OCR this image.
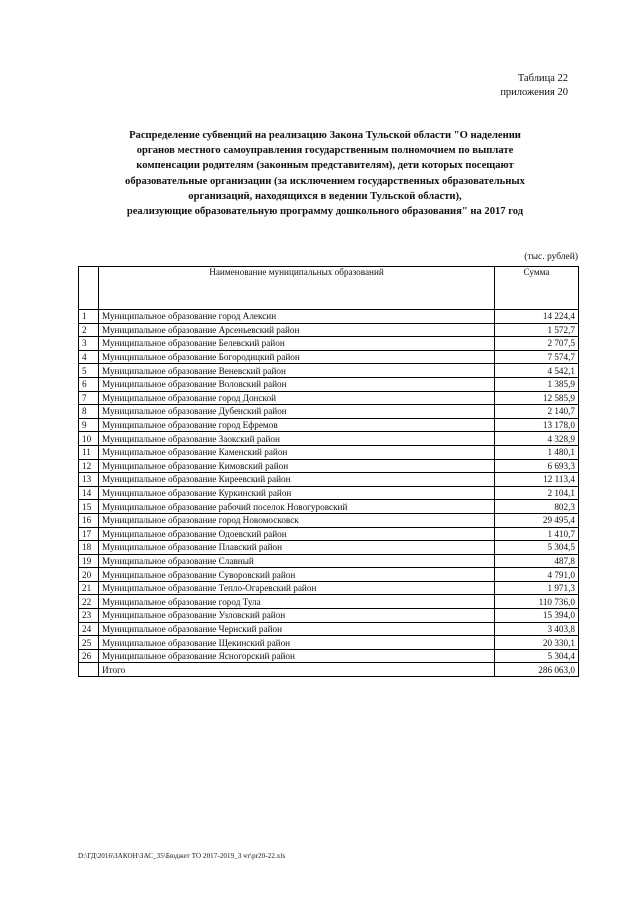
Таблица 22
приложения 20
Распределение субвенций на реализацию Закона Тульской области "О наделении
органов местного самоуправления государственным полномочием по выплате
компенсации родителям (законным представителям), дети которых посещают
образовательные организации (за исключением государственных образовательных
организаций, находящихся в ведении Тульской области),
реализующие образовательную программу дошкольного образования" на 2017 год
(тыс. рублей)
	Наименование муниципальных образований	Сумма
1	Муниципальное образование город Алексин	14 224,4
2	Муниципальное образование Арсеньевский район	1 572,7
3	Муниципальное образование Белевский район	2 707,5
4	Муниципальное образование Богородицкий район	7 574,7
5	Муниципальное образование Веневский район	4 542,1
6	Муниципальное образование Воловский район	1 385,9
7	Муниципальное образование город Донской	12 585,9
8	Муниципальное образование Дубенский район	2 140,7
9	Муниципальное образование город Ефремов	13 178,0
10	Муниципальное образование Заокский район	4 328,9
11	Муниципальное образование Каменский район	1 480,1
12	Муниципальное образование Кимовский район	6 693,3
13	Муниципальное образование Киреевский район	12 113,4
14	Муниципальное образование Куркинский район	2 104,1
15	Муниципальное образование рабочий поселок Новогуровский	802,3
16	Муниципальное образование город Новомосковск	29 495,4
17	Муниципальное образование Одоевский район	1 410,7
18	Муниципальное образование Плавский район	5 304,5
19	Муниципальное образование Славный	487,8
20	Муниципальное образование Суворовский район	4 791,0
21	Муниципальное образование Тепло-Огаревский район	1 971,3
22	Муниципальное образование город Тула	110 736,0
23	Муниципальное образование Узловский район	15 394,0
24	Муниципальное образование Чернский район	3 403,8
25	Муниципальное образование Щекинский район	20 330,1
26	Муниципальное образование Ясногорский район	5 304,4
	Итого	286 063,0
D:\ГД\2016\ЗАКОН\ЗАС_35\Бюджет ТО 2017-2019_3 чт\pr20-22.xls
